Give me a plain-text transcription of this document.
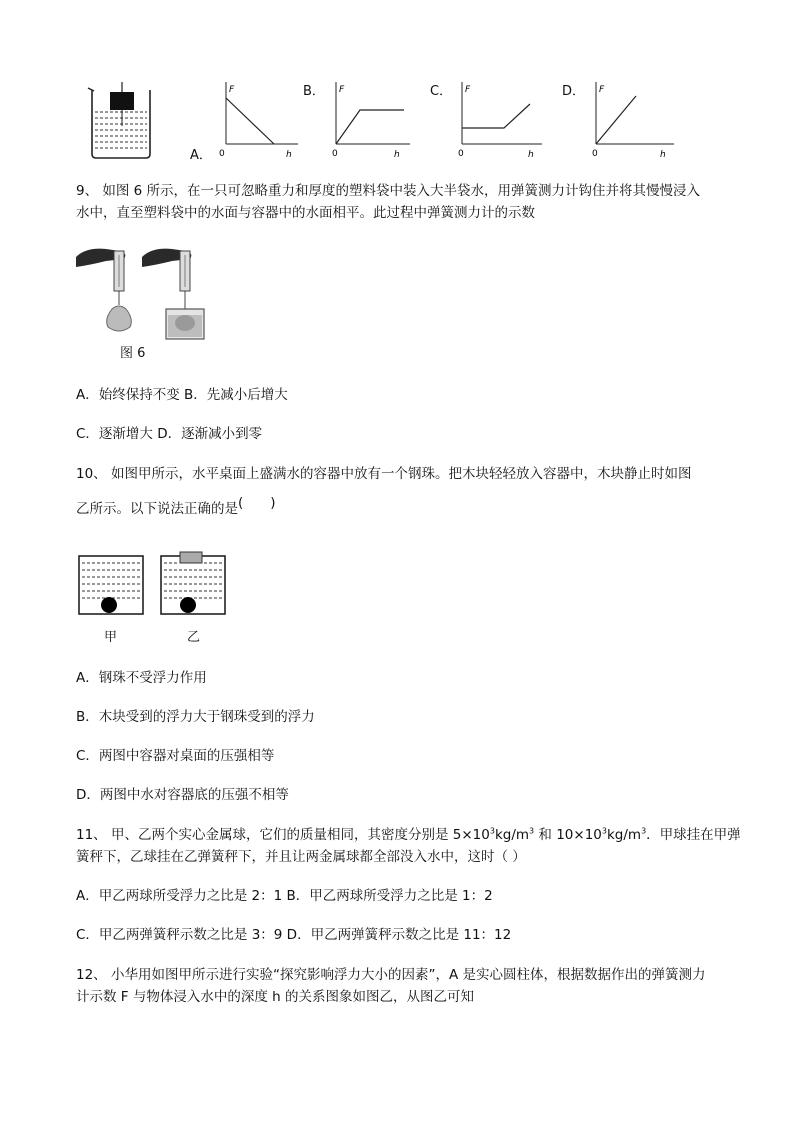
A．
F
0	h
B． F
0	h
C． F
0	h
D． F
0	h
9、 如图 6 所示，在一只可忽略重力和厚度的塑料袋中装入大半袋水，用弹簧测力计钩住并将其慢慢浸入
水中，直至塑料袋中的水面与容器中的水面相平。此过程中弹簧测力计的示数
图 6
A．始终保持不变 B．先减小后增大
C．逐渐增大 D．逐渐减小到零
10、 如图甲所示，水平桌面上盛满水的容器中放有一个钢珠。把木块轻轻放入容器中，木块静止时如图
乙所示。以下说法正确的是(　　)
甲	乙
A．钢珠不受浮力作用
B．木块受到的浮力大于钢珠受到的浮力
C．两图中容器对桌面的压强相等
D．两图中水对容器底的压强不相等
11、 甲、乙两个实心金属球，它们的质量相同，其密度分别是 $5\times 10^3kg/m^3$ 和 $10\times 10^3kg/m^3$．甲球挂在甲弹
簧秤下，乙球挂在乙弹簧秤下，并且让两金属球都全部没入水中，这时（ ）
A．甲乙两球所受浮力之比是 2：1 B．甲乙两球所受浮力之比是 1：2
C．甲乙两弹簧秤示数之比是 3：9 D．甲乙两弹簧秤示数之比是 11：12
12、 小华用如图甲所示进行实验“探究影响浮力大小的因素”，A 是实心圆柱体，根据数据作出的弹簧测力
计示数 F 与物体浸入水中的深度 h 的关系图象如图乙，从图乙可知
